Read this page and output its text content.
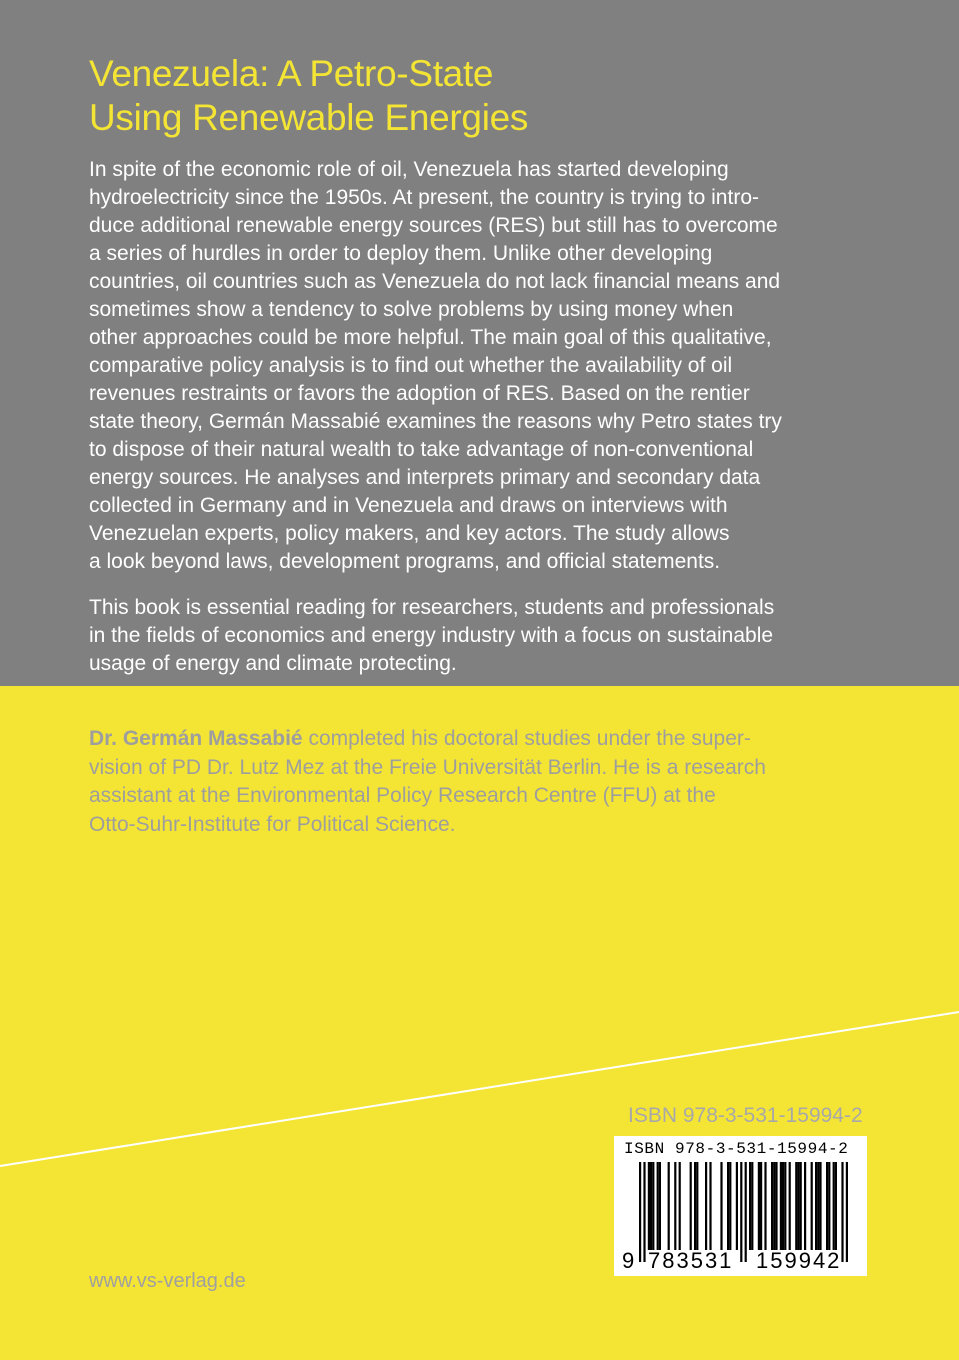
Venezuela: A Petro-State
Using Renewable Energies
In spite of the economic role of oil, Venezuela has started developing
hydroelectricity since the 1950s. At present, the country is trying to intro-
duce additional renewable energy sources (RES) but still has to overcome
a series of hurdles in order to deploy them. Unlike other developing
countries, oil countries such as Venezuela do not lack financial means and
sometimes show a tendency to solve problems by using money when
other approaches could be more helpful. The main goal of this qualitative,
comparative policy analysis is to find out whether the availability of oil
revenues restraints or favors the adoption of RES. Based on the rentier
state theory, Germán Massabié examines the reasons why Petro states try
to dispose of their natural wealth to take advantage of non-conventional
energy sources. He analyses and interprets primary and secondary data
collected in Germany and in Venezuela and draws on interviews with
Venezuelan experts, policy makers, and key actors. The study allows
a look beyond laws, development programs, and official statements.
This book is essential reading for researchers, students and professionals
in the fields of economics and energy industry with a focus on sustainable
usage of energy and climate protecting.
Dr. Germán Massabié completed his doctoral studies under the super-
vision of PD Dr. Lutz Mez at the Freie Universität Berlin. He is a research
assistant at the Environmental Policy Research Centre (FFU) at the
Otto-Suhr-Institute for Political Science.
ISBN 978-3-531-15994-2
ISBN 978-3-531-15994-2
9 783531 159942
www.vs-verlag.de
